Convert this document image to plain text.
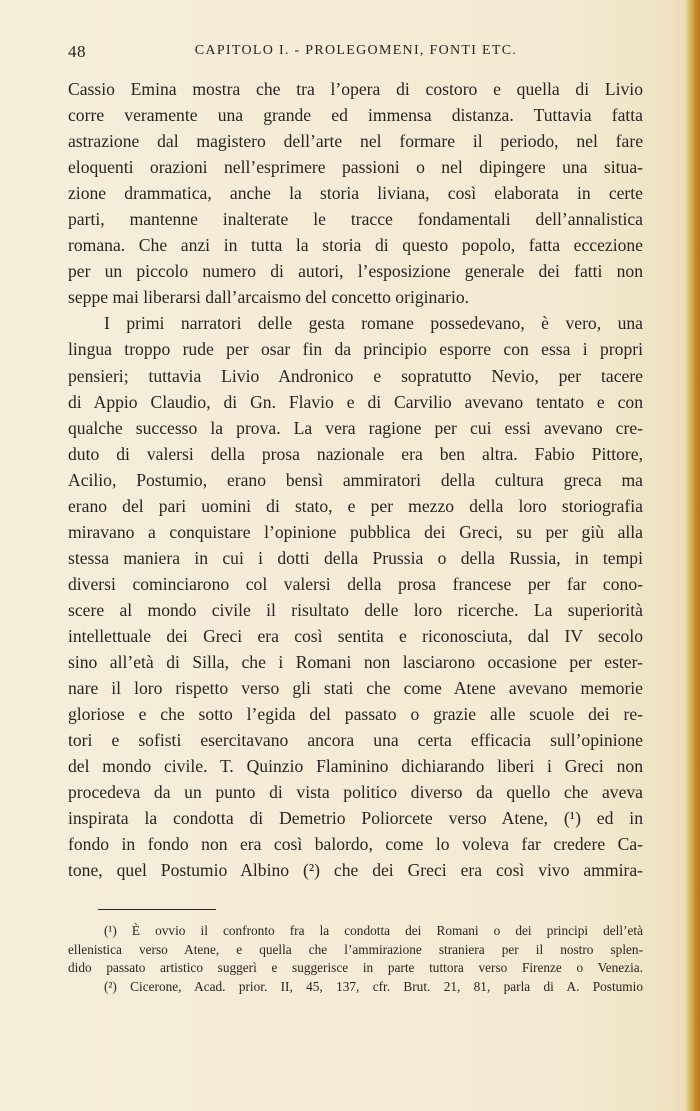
48	CAPITOLO I. - PROLEGOMENI, FONTI ETC.
Cassio Emina mostra che tra l’opera di costoro e quella di Livio
corre veramente una grande ed immensa distanza. Tuttavia fatta
astrazione dal magistero dell’arte nel formare il periodo, nel fare
eloquenti orazioni nell’esprimere passioni o nel dipingere una situa-
zione drammatica, anche la storia liviana, così elaborata in certe
parti, mantenne inalterate le tracce fondamentali dell’annalistica
romana. Che anzi in tutta la storia di questo popolo, fatta eccezione
per un piccolo numero di autori, l’esposizione generale dei fatti non
seppe mai liberarsi dall’arcaismo del concetto originario.
I primi narratori delle gesta romane possedevano, è vero, una
lingua troppo rude per osar fin da principio esporre con essa i propri
pensieri; tuttavia Livio Andronico e sopratutto Nevio, per tacere
di Appio Claudio, di Gn. Flavio e di Carvilio avevano tentato e con
qualche successo la prova. La vera ragione per cui essi avevano cre-
duto di valersi della prosa nazionale era ben altra. Fabio Pittore,
Acilio, Postumio, erano bensì ammiratori della cultura greca ma
erano del pari uomini di stato, e per mezzo della loro storiografia
miravano a conquistare l’opinione pubblica dei Greci, su per giù alla
stessa maniera in cui i dotti della Prussia o della Russia, in tempi
diversi cominciarono col valersi della prosa francese per far cono-
scere al mondo civile il risultato delle loro ricerche. La superiorità
intellettuale dei Greci era così sentita e riconosciuta, dal IV secolo
sino all’età di Silla, che i Romani non lasciarono occasione per ester-
nare il loro rispetto verso gli stati che come Atene avevano memorie
gloriose e che sotto l’egida del passato o grazie alle scuole dei re-
tori e sofisti esercitavano ancora una certa efficacia sull’opinione
del mondo civile. T. Quinzio Flaminino dichiarando liberi i Greci non
procedeva da un punto di vista politico diverso da quello che aveva
inspirata la condotta di Demetrio Poliorcete verso Atene, (¹) ed in
fondo in fondo non era così balordo, come lo voleva far credere Ca-
tone, quel Postumio Albino (²) che dei Greci era così vivo ammira-
(¹) È ovvio il confronto fra la condotta dei Romani o dei principi dell’età
ellenistica verso Atene, e quella che l’ammirazione straniera per il nostro splen-
dido passato artistico suggerì e suggerisce in parte tuttora verso Firenze o Venezia.
(²) Cicerone, Acad. prior. II, 45, 137, cfr. Brut. 21, 81, parla di A. Postumio
